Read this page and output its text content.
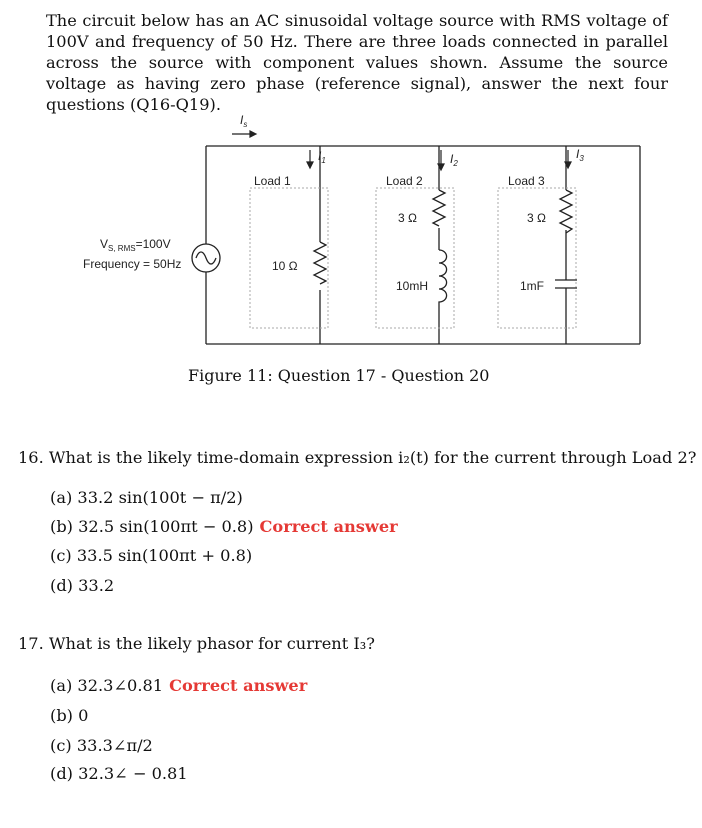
The circuit below has an AC sinusoidal voltage source with RMS voltage of 100V and frequency of 50 Hz. There are three loads connected in parallel across the source with component values shown. Assume the source voltage as having zero phase (reference signal), answer the next four questions (Q16-Q19).

$I_s$
$I_1$	$I_2$
$I_3$
Load 1	Load 2	Load 3
10 Ω
3 Ω
10mH
3 Ω
1mF
$V_{S, RMS}=100V$
Frequency = 50Hz
Figure 11: Question 17 - Question 20
16. What is the likely time-domain expression i₂(t) for the current through Load 2?
(a) 33.2 sin(100t − π/2)
(b) 32.5 sin(100πt − 0.8) Correct answer
(c) 33.5 sin(100πt + 0.8)
(d) 33.2
17. What is the likely phasor for current I₃?
(a) 32.3∠0.81 Correct answer
(b) 0
(c) 33.3∠π/2
(d) 32.3∠ − 0.81
